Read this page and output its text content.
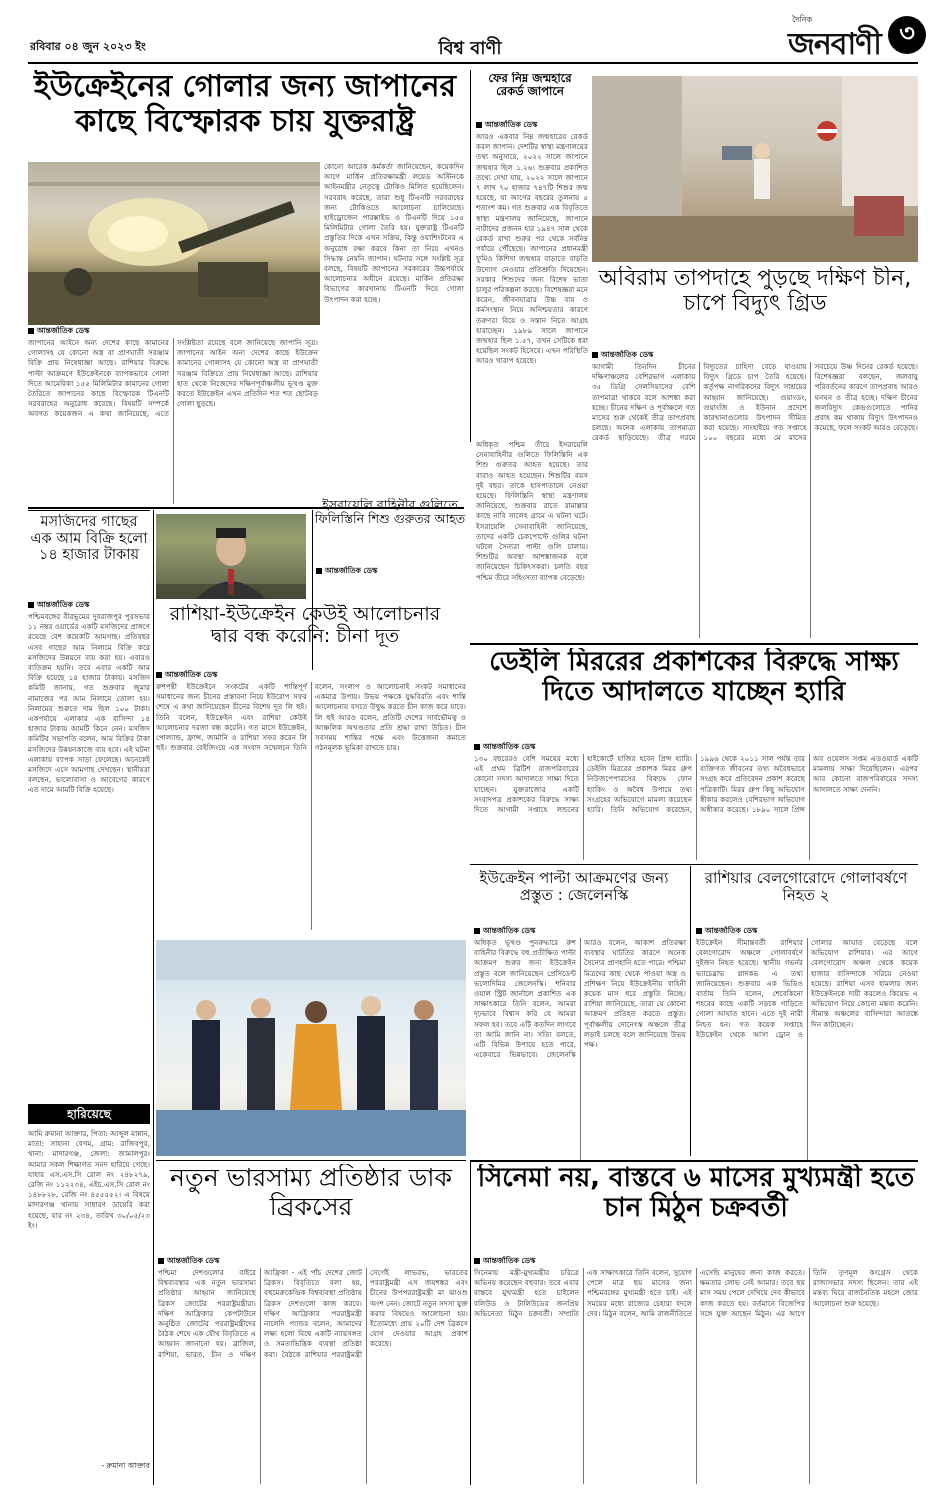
রবিবার ০৪ জুন ২০২৩ ইং	বিশ্ব বাণী
দৈনিক
জনবাণী ৩
ইউক্রেইনের গোলার জন্য জাপানের কাছে বিস্ফোরক চায় যুক্তরাষ্ট্র
আন্তর্জাতিক ডেস্ক
জাপানের আইনে অন্য দেশের কাছে কামানের গোলাসহ যে কোনো অস্ত্র বা প্রাণঘাতী সরঞ্জাম বিক্রি প্রায় নিষেধাজ্ঞা আছে। রাশিয়ার বিরুদ্ধে পাল্টা আক্রমণে ইউক্রেইনকে ব্যাপকভাবে গোলা দিতে আমেরিকা ১৫৫ মিলিমিটার কামানের গোলা তৈরিতে জাপানের কাছে বিস্ফোরক টিএনটি সরবরাহের অনুরোধ করেছে। বিষয়টি সম্পর্কে অবগত কয়েকজন এ কথা জানিয়েছে, এতে সংশ্লিষ্টতা রয়েছে বলে জানিয়েছে জাপানি সূত্র। জাপানের আইন অন্য দেশের কাছে ইউক্রেন কামানের গোলাসহ যে কোনো অস্ত্র বা প্রাণঘাতী সরঞ্জাম বিক্রিতে প্রায় নিষেধাজ্ঞা আছে। রাশিয়ার হাত থেকে নিজেদের দক্ষিণপূর্বাঞ্চলীয় ভূখণ্ড মুক্ত করতে ইউক্রেইন এখন প্রতিদিন শত শত ছোটবড় গোলা ছুড়ছে।
কোনো আরেক কর্মকর্তা জানিয়েছেন, কয়েকদিন আগে মার্কিন প্রতিরক্ষামন্ত্রী লয়েড অস্টিনকে আইনমন্ত্রীর নেতৃত্বে টোকিও মিলিত হয়েছিলেন। সরবরাহ করেছে, তারা শুধু টিএনটি সরবরাহের জন্য টোকিওতে আলোচনা চালিয়েছে। হাইড্রোজেন পারক্সাইড ও টিএনটি দিয়ে ১৫৫ মিলিমিটার গোলা তৈরি হয়। যুক্তরাষ্ট্র টিএনটি প্রস্তুতির দিকে এখন সক্রিয়, কিন্তু ওয়াশিংটনের এ অনুরোধ রক্ষা করবে কিনা তা নিয়ে এখনও সিদ্ধান্ত নেয়নি জাপান। ঘটনার সঙ্গে সংশ্লিষ্ট সূত্র বলছে, বিষয়টি জাপানের সরকারের উচ্চপর্যায়ে আলোচনার অধীনে রয়েছে। মার্কিন প্রতিরক্ষা বিভাগের কারখানায় টিএনটি দিয়ে গোলা উৎপাদন করা হচ্ছে।
ফের নিম্ন জন্মহারে রেকর্ড জাপানে
আন্তর্জাতিক ডেস্ক
আরও একবার নিম্ন জন্মহারের রেকর্ড করল জাপান। দেশটির স্বাস্থ্য মন্ত্রণালয়ের তথ্য অনুসারে, ২০২২ সালে জাপানে জন্মহার ছিল ১.২৬। শুক্রবার প্রকাশিত তথ্যে দেখা যায়, ২০২২ সালে জাপানে ৭ লাখ ৭০ হাজার ৭৪৭টি শিশুর জন্ম হয়েছে, যা আগের বছরের তুলনায় ৫ শতাংশ কম। গত শুক্রবার এক বিবৃতিতে স্বাস্থ্য মন্ত্রণালয় জানিয়েছে, জাপানে নারীদের প্রজনন হার ১৯৪৭ সাল থেকে রেকর্ড রাখা শুরুর পর থেকে সর্বনিম্ন পর্যায়ে পৌঁছেছে। জাপানের প্রধানমন্ত্রী ফুমিও কিশিদা জন্মহার বাড়াতে বাড়তি উদ্যোগ নেওয়ার প্রতিশ্রুতি দিয়েছেন। সরকার শিশুদের জন্য বিশেষ ভাতা চালুর পরিকল্পনা করছে। বিশেষজ্ঞরা মনে করেন, জীবনযাত্রার উচ্চ ব্যয় ও কর্মসংস্থান নিয়ে অনিশ্চয়তার কারণে তরুণরা বিয়ে ও সন্তান নিতে আগ্রহ হারাচ্ছেন। ১৯৮৯ সালে জাপানে জন্মহার ছিল ১.৫৭, তখন সেটিকে ধরা হয়েছিল সংকট হিসেবে। এখন পরিস্থিতি আরও খারাপ হয়েছে।
অবিরাম তাপদাহে পুড়ছে দক্ষিণ চীন, চাপে বিদ্যুৎ গ্রিড
আন্তর্জাতিক ডেস্ক
আগামী তিনদিন চীনের দক্ষিণাঞ্চলের বেশিরভাগ এলাকায় ৩৫ ডিগ্রি সেলসিয়াসের বেশি তাপমাত্রা থাকবে বলে আশঙ্কা করা হচ্ছে। চীনের দক্ষিণ ও পূর্বাঞ্চলে গত মাসের শুরু থেকেই তীব্র তাপপ্রবাহ চলছে। অনেক এলাকায় তাপমাত্রা রেকর্ড ছাড়িয়েছে। তীব্র গরমে বিদ্যুতের চাহিদা বেড়ে যাওয়ায় বিদ্যুৎ গ্রিডে চাপ তৈরি হয়েছে। কর্তৃপক্ষ নাগরিকদের বিদ্যুৎ সাশ্রয়ের আহ্বান জানিয়েছে। গুয়াংডং, গুয়াংজি ও ইউনান প্রদেশে কারখানাগুলোর উৎপাদন সীমিত করা হয়েছে। সাংহাইয়ে গত সপ্তাহে ১০০ বছরের মধ্যে মে মাসের সবচেয়ে উষ্ণ দিনের রেকর্ড হয়েছে। বিশেষজ্ঞরা বলছেন, জলবায়ু পরিবর্তনের কারণে তাপপ্রবাহ আরও ঘনঘন ও তীব্র হচ্ছে। দক্ষিণ চীনের জলবিদ্যুৎ কেন্দ্রগুলোতে পানির প্রবাহ কম থাকায় বিদ্যুৎ উৎপাদনও কমেছে, ফলে সংকট আরও বেড়েছে।
মসজিদের গাছের এক আম বিক্রি হলো ১৪ হাজার টাকায়
আন্তর্জাতিক ডেস্ক
পশ্চিমবঙ্গের বীরভূমের দুবরাজপুর পুরসভার ১১ নম্বর ওয়ার্ডের একটি মসজিদের প্রাঙ্গণে রয়েছে বেশ কয়েকটি আমগাছ। প্রতিবছর এসব গাছের আম নিলামে বিক্রি করে মসজিদের উন্নয়নে ব্যয় করা হয়। এবারও ব্যতিক্রম হয়নি। তবে এবার একটি আম বিক্রি হয়েছে ১৪ হাজার টাকায়। মসজিদ কমিটি জানায়, গত শুক্রবার জুমার নামাজের পর আম নিলামে তোলা হয়। নিলামের শুরুতে দাম ছিল ১০০ টাকা। একপর্যায়ে এলাকার এক বাসিন্দা ১৪ হাজার টাকায় আমটি কিনে নেন। মসজিদ কমিটির সভাপতি বলেন, আম বিক্রির টাকা মসজিদের উন্নয়নকাজে ব্যয় হবে। এই ঘটনা এলাকায় ব্যাপক সাড়া ফেলেছে। অনেকেই মসজিদে এসে আমগাছ দেখছেন। স্থানীয়রা বলছেন, ভালোবাসা ও আবেগের কারণে এত দামে আমটি বিক্রি হয়েছে।
রাশিয়া-ইউক্রেইন কেউই আলোচনার দ্বার বন্ধ করেনি: চীনা দূত
আন্তর্জাতিক ডেস্ক
রুশপন্থী ইউক্রেইনে সংকটের একটি শান্তিপূর্ণ সমাধানের জন্য চীনের প্রস্তাবনা নিয়ে ইউরোপ সফর শেষে এ কথা জানিয়েছেন চীনের বিশেষ দূত লি হুই। তিনি বলেন, ইউক্রেইন এবং রাশিয়া কেউই আলোচনার দরজা বন্ধ করেনি। গত মাসে ইউক্রেইন, পোল্যান্ড, ফ্রান্স, জার্মানি ও রাশিয়া সফর করেন লি হুই। শুক্রবার বেইজিংয়ে এক সংবাদ সম্মেলনে তিনি বলেন, সংলাপ ও আলোচনাই সংকট সমাধানের একমাত্র উপায়। উভয় পক্ষকে যুদ্ধবিরতি এবং শান্তি আলোচনায় বসতে উদ্বুদ্ধ করতে চীন কাজ করে যাবে। লি হুই আরও বলেন, প্রতিটি দেশের সার্বভৌমত্ব ও আঞ্চলিক অখণ্ডতার প্রতি শ্রদ্ধা রাখা উচিত। চীন সবসময় শান্তির পক্ষে এবং উত্তেজনা কমাতে গঠনমূলক ভূমিকা রাখতে চায়।
ইসরায়েলি বাহিনীর গুলিতে ফিলিস্তিনি শিশু গুরুতর আহত
আন্তর্জাতিক ডেস্ক
অধিকৃত পশ্চিম তীরে ইসরায়েলি সেনাবাহিনীর গুলিতে ফিলিস্তিনি এক শিশু গুরুতর আহত হয়েছে। তার বাবাও আহত হয়েছেন। শিশুটির বয়স দুই বছর। তাকে হাসপাতালে নেওয়া হয়েছে। ফিলিস্তিনি স্বাস্থ্য মন্ত্রণালয় জানিয়েছে, শুক্রবার রাতে রামাল্লার কাছে নাবি সালেহ গ্রামে এ ঘটনা ঘটে। ইসরায়েলি সেনাবাহিনী জানিয়েছে, তাদের একটি চেকপোস্টে গুলির ঘটনা ঘটলে সৈন্যরা পাল্টা গুলি চালায়। শিশুটির অবস্থা আশঙ্কাজনক বলে জানিয়েছেন চিকিৎসকরা। চলতি বছর পশ্চিম তীরে সহিংসতা ব্যাপক বেড়েছে।
ডেইলি মিররের প্রকাশকের বিরুদ্ধে সাক্ষ্য দিতে আদালতে যাচ্ছেন হ্যারি
আন্তর্জাতিক ডেস্ক
১৩০ বছরেরও বেশি সময়ের মধ্যে এই প্রথম ব্রিটিশ রাজপরিবারের কোনো সদস্য আদালতে সাক্ষ্য দিতে যাচ্ছেন। যুক্তরাজ্যের একটি সংবাদপত্র প্রকাশকের বিরুদ্ধে সাক্ষ্য দিতে আগামী সপ্তাহে লন্ডনের হাইকোর্টে হাজির হবেন প্রিন্স হ্যারি। ডেইলি মিররের প্রকাশক মিরর গ্রুপ নিউজপেপারসের বিরুদ্ধে ফোন হ্যাকিং ও অবৈধ উপায়ে তথ্য সংগ্রহের অভিযোগে মামলা করেছেন হ্যারি। তিনি অভিযোগ করেছেন, ১৯৯৬ থেকে ২০১১ সাল পর্যন্ত তার ব্যক্তিগত জীবনের তথ্য অবৈধভাবে সংগ্রহ করে প্রতিবেদন প্রকাশ করেছে পত্রিকাটি। মিরর গ্রুপ কিছু অভিযোগ স্বীকার করলেও বেশিরভাগ অভিযোগ অস্বীকার করেছে। ১৮৯০ সালে প্রিন্স অব ওয়েলস সপ্তম এডওয়ার্ড একটি মামলায় সাক্ষ্য দিয়েছিলেন। এরপর আর কোনো রাজপরিবারের সদস্য আদালতে সাক্ষ্য দেননি।
ইউক্রেইন পাল্টা আক্রমণের জন্য প্রস্তুত : জেলেনস্কি
আন্তর্জাতিক ডেস্ক
অধিকৃত ভূখণ্ড পুনরুদ্ধারে রুশ বাহিনীর বিরুদ্ধে বহু প্রতীক্ষিত পাল্টা আক্রমণ শুরুর জন্য ইউক্রেইন প্রস্তুত বলে জানিয়েছেন প্রেসিডেন্ট ভলোদিমির জেলেনস্কি। শনিবার ওয়াল স্ট্রিট জার্নালে প্রকাশিত এক সাক্ষাৎকারে তিনি বলেন, আমরা দৃঢ়ভাবে বিশ্বাস করি যে আমরা সফল হব। তবে এটি কতদিন লাগবে তা আমি জানি না। সত্যি বলতে, এটি বিভিন্ন উপায়ে হতে পারে, একেবারে ভিন্নভাবে। জেলেনস্কি আরও বলেন, আকাশ প্রতিরক্ষা ব্যবস্থার ঘাটতির কারণে অনেক সৈন্যের প্রাণহানি হতে পারে। পশ্চিমা মিত্রদের কাছ থেকে পাওয়া অস্ত্র ও প্রশিক্ষণ নিয়ে ইউক্রেইনীয় বাহিনী কয়েক মাস ধরে প্রস্তুতি নিচ্ছে। রাশিয়া জানিয়েছে, তারা যে কোনো আক্রমণ প্রতিহত করতে প্রস্তুত। পূর্বাঞ্চলীয় দোনেৎস্ক অঞ্চলে তীব্র লড়াই চলছে বলে জানিয়েছে উভয় পক্ষ।
রাশিয়ার বেলগোরোদে গোলাবর্ষণে নিহত ২
আন্তর্জাতিক ডেস্ক
ইউক্রেইন সীমান্তবর্তী রাশিয়ার বেলগোরোদ অঞ্চলে গোলাবর্ষণে দুইজন নিহত হয়েছে। স্থানীয় গভর্নর ভ্যাচেস্লাভ গ্লাদকভ এ তথ্য জানিয়েছেন। শুক্রবার এক ভিডিও বার্তায় তিনি বলেন, শেবেকিনো শহরের কাছে একটি সড়কে গাড়িতে গোলা আঘাত হানে। এতে দুই নারী নিহত হন। গত কয়েক সপ্তাহে ইউক্রেইন থেকে আসা ড্রোন ও গোলার আঘাত বেড়েছে বলে অভিযোগ রাশিয়ার। এর আগে বেলগোরোদ অঞ্চল থেকে কয়েক হাজার বাসিন্দাকে সরিয়ে নেওয়া হয়েছে। রাশিয়া এসব হামলার জন্য ইউক্রেইনকে দায়ী করলেও কিয়েভ এ অভিযোগ নিয়ে কোনো মন্তব্য করেনি। সীমান্ত অঞ্চলের বাসিন্দারা আতঙ্কে দিন কাটাচ্ছেন।
নতুন ভারসাম্য প্রতিষ্ঠার ডাক ব্রিকসের
আন্তর্জাতিক ডেস্ক
পশ্চিমা দেশগুলোর বাইরে বিশ্বব্যবস্থার এক নতুন ভারসাম্য প্রতিষ্ঠার আহ্বান জানিয়েছে ব্রিকস জোটের পররাষ্ট্রমন্ত্রীরা। দক্ষিণ আফ্রিকার কেপটাউনে অনুষ্ঠিত জোটের পররাষ্ট্রমন্ত্রীদের বৈঠক শেষে এক যৌথ বিবৃতিতে এ আহ্বান জানানো হয়। ব্রাজিল, রাশিয়া, ভারত, চীন ও দক্ষিণ আফ্রিকা - এই পাঁচ দেশের জোট ব্রিকস। বিবৃতিতে বলা হয়, বহুমেরুকেন্দ্রিক বিশ্বব্যবস্থা প্রতিষ্ঠায় ব্রিকস দেশগুলো কাজ করবে। দক্ষিণ আফ্রিকার পররাষ্ট্রমন্ত্রী নালেদি প্যান্ডর বলেন, আমাদের লক্ষ্য হলো বিশ্বে একটি ন্যায়সঙ্গত ও সমতাভিত্তিক ব্যবস্থা প্রতিষ্ঠা করা। বৈঠকে রাশিয়ার পররাষ্ট্রমন্ত্রী সের্গেই লাভরভ, ভারতের পররাষ্ট্রমন্ত্রী এস জয়শঙ্কর এবং চীনের উপপররাষ্ট্রমন্ত্রী মা ঝাওশু অংশ নেন। জোটে নতুন সদস্য যুক্ত করার বিষয়েও আলোচনা হয়। ইতোমধ্যে প্রায় ২০টি দেশ ব্রিকসে যোগ দেওয়ার আগ্রহ প্রকাশ করেছে।
সিনেমা নয়, বাস্তবে ৬ মাসের মুখ্যমন্ত্রী হতে চান মিঠুন চক্রবর্তী
আন্তর্জাতিক ডেস্ক
সিনেমায় মন্ত্রী-মুখ্যমন্ত্রীর চরিত্রে অভিনয় করেছেন বহুবার। তবে এবার বাস্তবে মুখ্যমন্ত্রী হতে চাইলেন বলিউড ও টালিউডের জনপ্রিয় অভিনেতা মিঠুন চক্রবর্তী। সম্প্রতি এক সাক্ষাৎকারে তিনি বলেন, সুযোগ পেলে মাত্র ছয় মাসের জন্য পশ্চিমবঙ্গের মুখ্যমন্ত্রী হতে চাই। এই সময়ের মধ্যে রাজ্যের চেহারা বদলে দেব। মিঠুন বলেন, আমি রাজনীতিতে এসেছি মানুষের জন্য কাজ করতে। ক্ষমতার লোভ নেই আমার। তবে ছয় মাস সময় পেলে দেখিয়ে দেব কীভাবে কাজ করতে হয়। বর্তমানে বিজেপির সঙ্গে যুক্ত আছেন মিঠুন। এর আগে তিনি তৃণমূল কংগ্রেস থেকে রাজ্যসভার সদস্য ছিলেন। তার এই মন্তব্য ঘিরে রাজনৈতিক মহলে জোর আলোচনা শুরু হয়েছে।
হারিয়েছে
আমি রুমানা আক্তার, পিতা: আব্দুল মান্নান, মাতা: সাহানা বেগম, গ্রাম: রাজিবপুর, থানা: মাদারগঞ্জ, জেলা: জামালপুর। আমার সকল শিক্ষাগত সনদ হারিয়ে গেছে। যাহার এস.এস.সি রোল নং ২৪৮২৭৯, রেজি নং ১১২২৩৪, এইচ.এস.সি রোল নং ১৪৮৮২৮, রেজি নং ৪৫৫৫৫২। এ বিষয়ে মাদারগঞ্জ থানায় সাধারণ ডায়েরি করা হয়েছে, যার নং ২৩৪, তারিখ ৩০/০৫/২৩ ইং।
- রুমানা আক্তার
